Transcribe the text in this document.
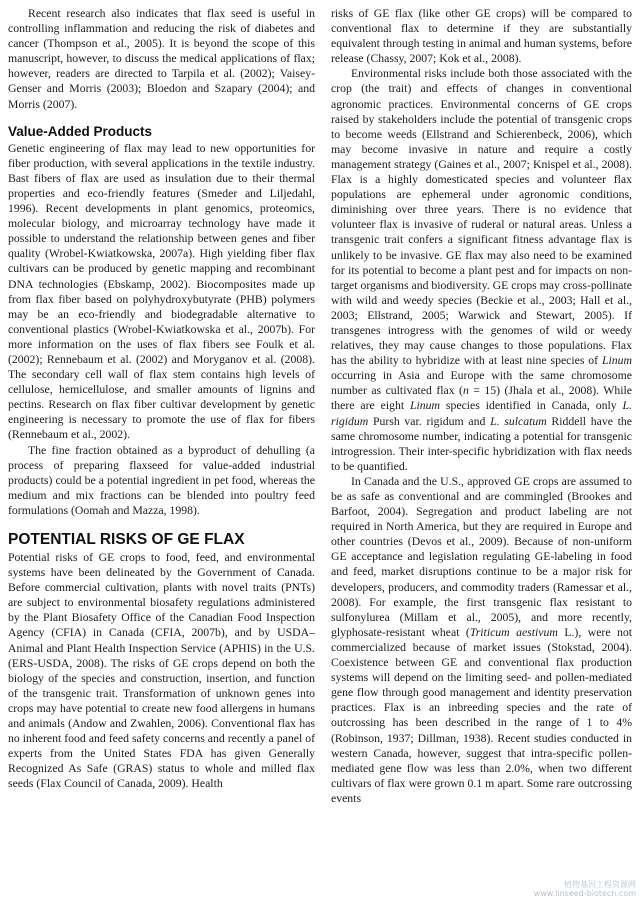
Recent research also indicates that flax seed is useful in controlling inflammation and reducing the risk of diabetes and cancer (Thompson et al., 2005). It is beyond the scope of this manuscript, however, to discuss the medical applications of flax; however, readers are directed to Tarpila et al. (2002); Vaisey-Genser and Morris (2003); Bloedon and Szapary (2004); and Morris (2007).

Value-Added Products

Genetic engineering of flax may lead to new opportunities for fiber production, with several applications in the textile industry. Bast fibers of flax are used as insulation due to their thermal properties and eco-friendly features (Smeder and Liljedahl, 1996). Recent developments in plant genomics, proteomics, molecular biology, and microarray technology have made it possible to understand the relationship between genes and fiber quality (Wrobel-Kwiatkowska, 2007a). High yielding fiber flax cultivars can be produced by genetic mapping and recombinant DNA technologies (Ebskamp, 2002). Biocomposites made up from flax fiber based on polyhydroxybutyrate (PHB) polymers may be an eco-friendly and biodegradable alternative to conventional plastics (Wrobel-Kwiatkowska et al., 2007b). For more information on the uses of flax fibers see Foulk et al. (2002); Rennebaum et al. (2002) and Moryganov et al. (2008). The secondary cell wall of flax stem contains high levels of cellulose, hemicellulose, and smaller amounts of lignins and pectins. Research on flax fiber cultivar development by genetic engineering is necessary to promote the use of flax for fibers (Rennebaum et al., 2002).

The fine fraction obtained as a byproduct of dehulling (a process of preparing flaxseed for value-added industrial products) could be a potential ingredient in pet food, whereas the medium and mix fractions can be blended into poultry feed formulations (Oomah and Mazza, 1998).

POTENTIAL RISKS OF GE FLAX

Potential risks of GE crops to food, feed, and environmental systems have been delineated by the Government of Canada. Before commercial cultivation, plants with novel traits (PNTs) are subject to environmental biosafety regulations administered by the Plant Biosafety Office of the Canadian Food Inspection Agency (CFIA) in Canada (CFIA, 2007b), and by USDA–Animal and Plant Health Inspection Service (APHIS) in the U.S. (ERS-USDA, 2008). The risks of GE crops depend on both the biology of the species and construction, insertion, and function of the transgenic trait. Transformation of unknown genes into crops may have potential to create new food allergens in humans and animals (Andow and Zwahlen, 2006). Conventional flax has no inherent food and feed safety concerns and recently a panel of experts from the United States FDA has given Generally Recognized As Safe (GRAS) status to whole and milled flax seeds (Flax Council of Canada, 2009). Health

risks of GE flax (like other GE crops) will be compared to conventional flax to determine if they are substantially equivalent through testing in animal and human systems, before release (Chassy, 2007; Kok et al., 2008).

Environmental risks include both those associated with the crop (the trait) and effects of changes in conventional agronomic practices. Environmental concerns of GE crops raised by stakeholders include the potential of transgenic crops to become weeds (Ellstrand and Schierenbeck, 2006), which may become invasive in nature and require a costly management strategy (Gaines et al., 2007; Knispel et al., 2008). Flax is a highly domesticated species and volunteer flax populations are ephemeral under agronomic conditions, diminishing over three years. There is no evidence that volunteer flax is invasive of ruderal or natural areas. Unless a transgenic trait confers a significant fitness advantage flax is unlikely to be invasive. GE flax may also need to be examined for its potential to become a plant pest and for impacts on non-target organisms and biodiversity. GE crops may cross-pollinate with wild and weedy species (Beckie et al., 2003; Hall et al., 2003; Ellstrand, 2005; Warwick and Stewart, 2005). If transgenes introgress with the genomes of wild or weedy relatives, they may cause changes to those populations. Flax has the ability to hybridize with at least nine species of Linum occurring in Asia and Europe with the same chromosome number as cultivated flax (n = 15) (Jhala et al., 2008). While there are eight Linum species identified in Canada, only L. rigidum Pursh var. rigidum and L. sulcatum Riddell have the same chromosome number, indicating a potential for transgenic introgression. Their inter-specific hybridization with flax needs to be quantified.

In Canada and the U.S., approved GE crops are assumed to be as safe as conventional and are commingled (Brookes and Barfoot, 2004). Segregation and product labeling are not required in North America, but they are required in Europe and other countries (Devos et al., 2009). Because of non-uniform GE acceptance and legislation regulating GE-labeling in food and feed, market disruptions continue to be a major risk for developers, producers, and commodity traders (Ramessar et al., 2008). For example, the first transgenic flax resistant to sulfonylurea (Millam et al., 2005), and more recently, glyphosate-resistant wheat (Triticum aestivum L.), were not commercialized because of market issues (Stokstad, 2004). Coexistence between GE and conventional flax production systems will depend on the limiting seed- and pollen-mediated gene flow through good management and identity preservation practices. Flax is an inbreeding species and the rate of outcrossing has been described in the range of 1 to 4% (Robinson, 1937; Dillman, 1938). Recent studies conducted in western Canada, however, suggest that intra-specific pollen-mediated gene flow was less than 2.0%, when two different cultivars of flax were grown 0.1 m apart. Some rare outcrossing events

植物基因工程资源网
www.linseed-biotech.com
